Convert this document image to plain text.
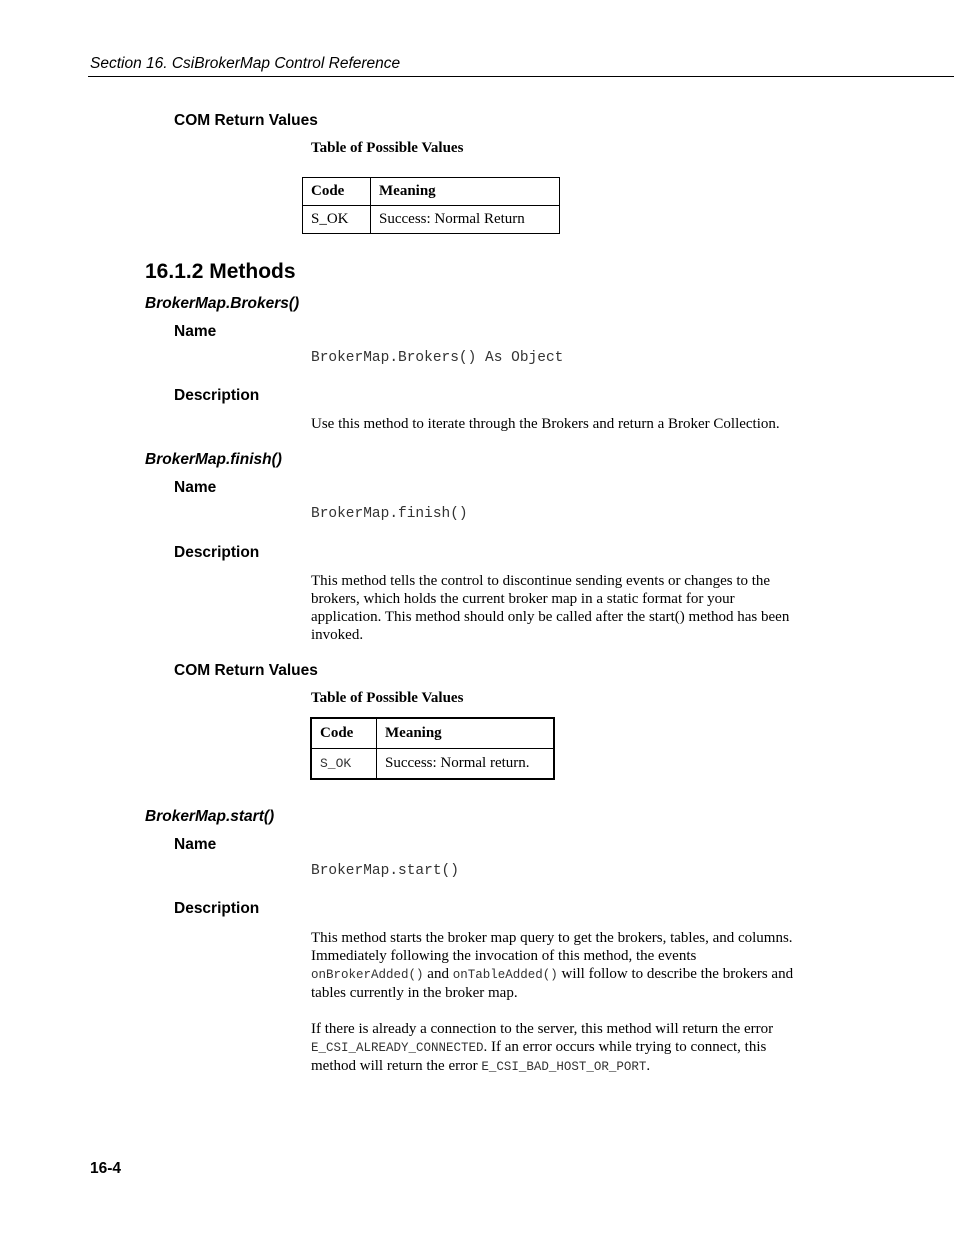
Section 16. CsiBrokerMap Control Reference
COM Return Values
Table of Possible Values
Code	Meaning
S_OK	Success: Normal Return
16.1.2 Methods
BrokerMap.Brokers()
Name
BrokerMap.Brokers() As Object
Description
Use this method to iterate through the Brokers and return a Broker Collection.
BrokerMap.finish()
Name
BrokerMap.finish()
Description
This method tells the control to discontinue sending events or changes to the brokers, which holds the current broker map in a static format for your application. This method should only be called after the start() method has been invoked.
COM Return Values
Table of Possible Values
Code	Meaning
S_OK	Success: Normal return.
BrokerMap.start()
Name
BrokerMap.start()
Description
This method starts the broker map query to get the brokers, tables, and columns. Immediately following the invocation of this method, the events onBrokerAdded() and onTableAdded() will follow to describe the brokers and tables currently in the broker map.
If there is already a connection to the server, this method will return the error E_CSI_ALREADY_CONNECTED. If an error occurs while trying to connect, this method will return the error E_CSI_BAD_HOST_OR_PORT.
16-4
